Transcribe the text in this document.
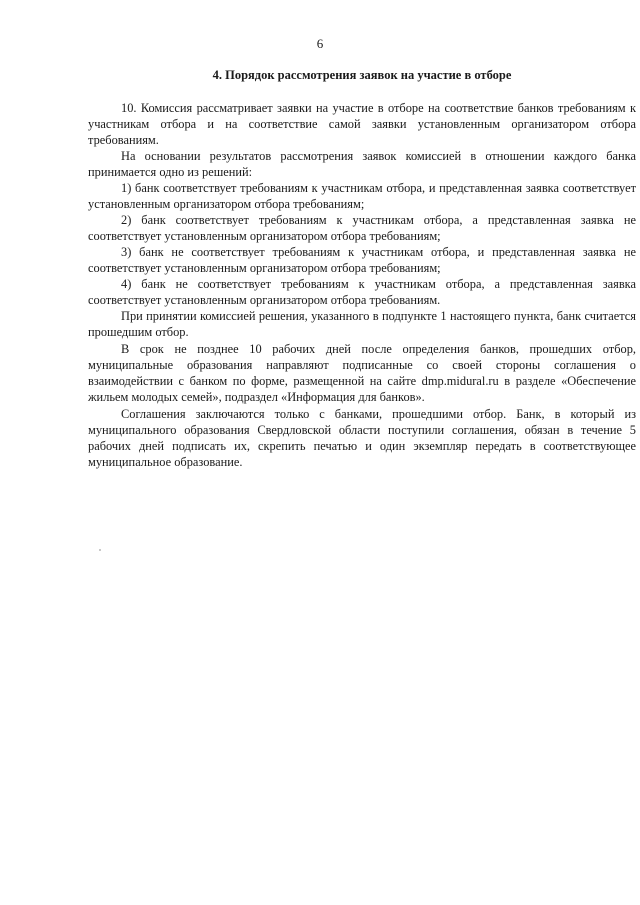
6
4. Порядок рассмотрения заявок на участие в отборе

10. Комиссия рассматривает заявки на участие в отборе на соответствие банков требованиям к участникам отбора и на соответствие самой заявки установленным организатором отбора требованиям.

На основании результатов рассмотрения заявок комиссией в отношении каждого банка принимается одно из решений:

1) банк соответствует требованиям к участникам отбора, и представленная заявка соответствует установленным организатором отбора требованиям;

2) банк соответствует требованиям к участникам отбора, а представленная заявка не соответствует установленным организатором отбора требованиям;

3) банк не соответствует требованиям к участникам отбора, и представленная заявка не соответствует установленным организатором отбора требованиям;

4) банк не соответствует требованиям к участникам отбора, а представленная заявка соответствует установленным организатором отбора требованиям.

При принятии комиссией решения, указанного в подпункте 1 настоящего пункта, банк считается прошедшим отбор.

В срок не позднее 10 рабочих дней после определения банков, прошедших отбор, муниципальные образования направляют подписанные со своей стороны соглашения о взаимодействии с банком по форме, размещенной на сайте dmp.midural.ru в разделе «Обеспечение жильем молодых семей», подраздел «Информация для банков».

Соглашения заключаются только с банками, прошедшими отбор. Банк, в который из муниципального образования Свердловской области поступили соглашения, обязан в течение 5 рабочих дней подписать их, скрепить печатью и один экземпляр передать в соответствующее муниципальное образование.
